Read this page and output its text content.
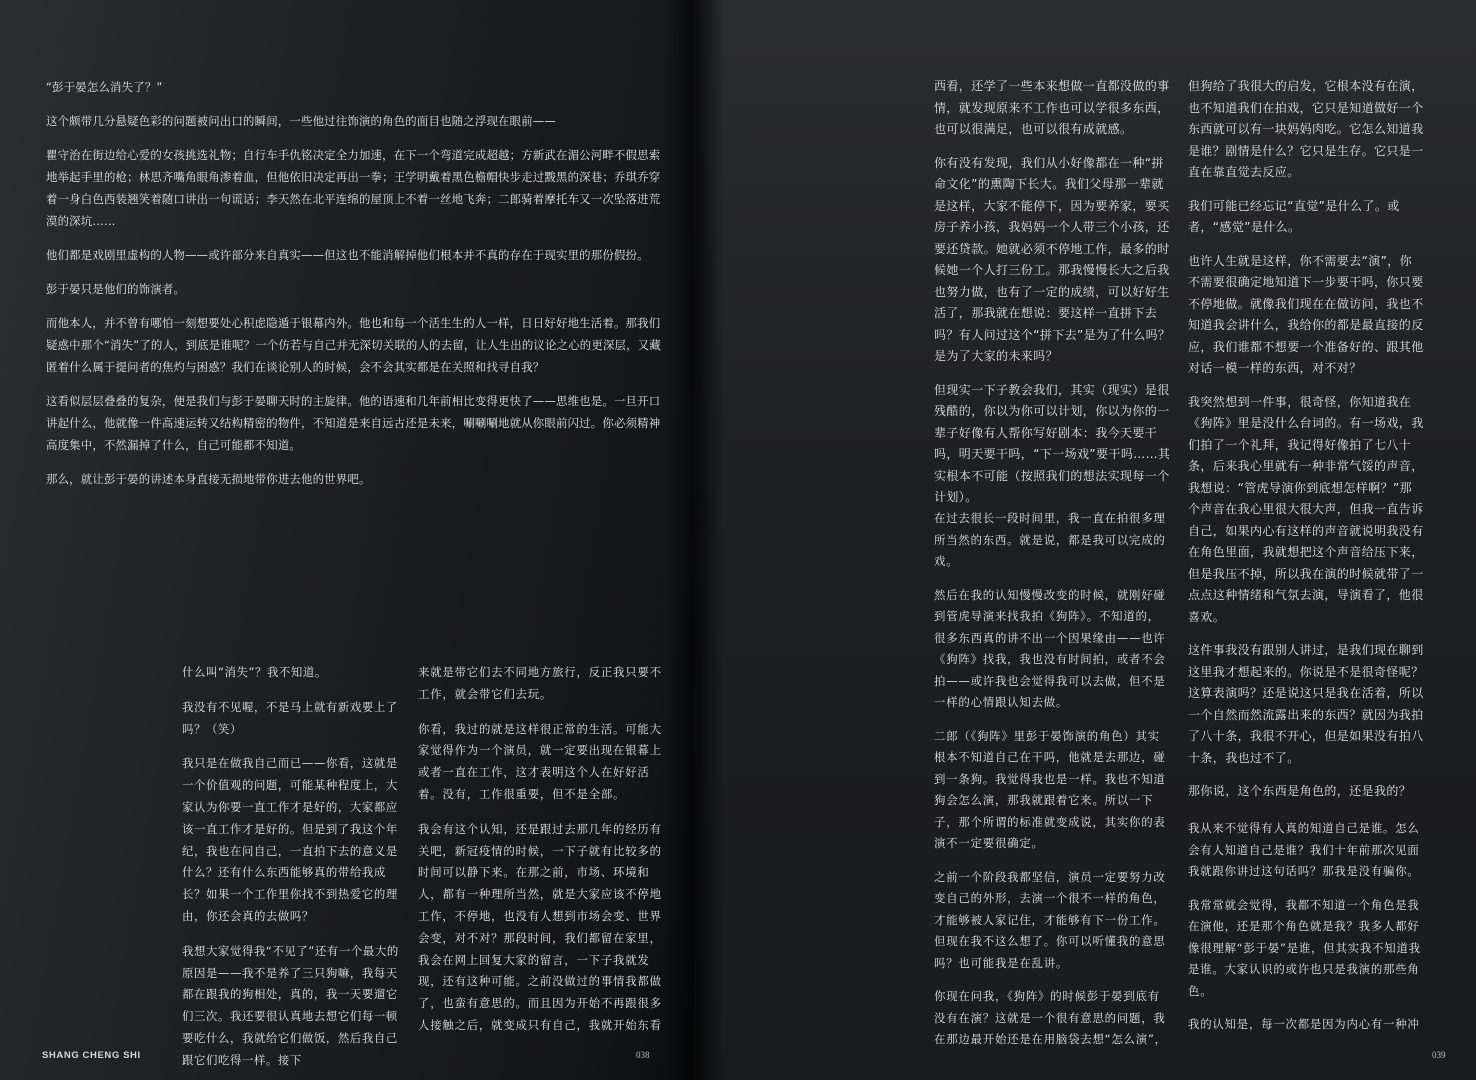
“彭于晏怎么消失了？”

这个颇带几分悬疑色彩的问题被问出口的瞬间，一些他过往饰演的角色的面目也随之浮现在眼前——

瞿守治在街边给心爱的女孩挑选礼物；自行车手仇铭决定全力加速，在下一个弯道完成超越；方新武在湄公河畔不假思索地举起手里的枪；林思齐嘴角眼角渗着血，但他依旧决定再出一拳；王学明戴着黑色檐帽快步走过黢黑的深巷；乔琪乔穿着一身白色西装翘笑着随口讲出一句谎话；李天然在北平连绵的屋顶上不着一丝地飞奔；二郎骑着摩托车又一次坠落进荒漠的深坑……

他们都是戏剧里虚构的人物——或许部分来自真实——但这也不能消解掉他们根本并不真的存在于现实里的那份假扮。

彭于晏只是他们的饰演者。

而他本人，并不曾有哪怕一刻想要处心积虑隐遁于银幕内外。他也和每一个活生生的人一样，日日好好地生活着。那我们疑惑中那个“消失”了的人，到底是谁呢？一个仿若与自己并无深切关联的人的去留，让人生出的议论之心的更深层，又藏匿着什么属于提问者的焦灼与困惑？我们在谈论别人的时候，会不会其实都是在关照和找寻自我？

这看似层层叠叠的复杂，便是我们与彭于晏聊天时的主旋律。他的语速和几年前相比变得更快了——思维也是。一旦开口讲起什么，他就像一件高速运转又结构精密的物件，不知道是来自远古还是未来，唰唰唰地就从你眼前闪过。你必须精神高度集中，不然漏掉了什么，自己可能都不知道。

那么，就让彭于晏的讲述本身直接无损地带你进去他的世界吧。

什么叫“消失”？我不知道。

我没有不见喔，不是马上就有新戏要上了吗？（笑）

我只是在做我自己而已——你看，这就是一个价值观的问题，可能某种程度上，大家认为你要一直工作才是好的，大家都应该一直工作才是好的。但是到了我这个年纪，我也在问自己，一直拍下去的意义是什么？还有什么东西能够真的带给我成长？如果一个工作里你找不到热爱它的理由，你还会真的去做吗？

我想大家觉得我“不见了”还有一个最大的原因是——我不是养了三只狗嘛，我每天都在跟我的狗相处，真的，我一天要遛它们三次。我还要很认真地去想它们每一顿要吃什么，我就给它们做饭，然后我自己跟它们吃得一样。接下

来就是带它们去不同地方旅行，反正我只要不工作，就会带它们去玩。

你看，我过的就是这样很正常的生活。可能大家觉得作为一个演员，就一定要出现在银幕上或者一直在工作，这才表明这个人在好好活着。没有，工作很重要，但不是全部。

我会有这个认知，还是跟过去那几年的经历有关吧，新冠疫情的时候，一下子就有比较多的时间可以静下来。在那之前，市场、环境和人，都有一种理所当然，就是大家应该不停地工作，不停地，也没有人想到市场会变、世界会变，对不对？那段时间，我们都留在家里，我会在网上回复大家的留言，一下子我就发现，还有这种可能。之前没做过的事情我都做了，也蛮有意思的。而且因为开始不再跟很多人接触之后，就变成只有自己，我就开始东看

SHANG CHENG SHI	038

西看，还学了一些本来想做一直都没做的事情，就发现原来不工作也可以学很多东西，也可以很满足，也可以很有成就感。

你有没有发现，我们从小好像都在一种“拼命文化”的熏陶下长大。我们父母那一辈就是这样，大家不能停下，因为要养家，要买房子养小孩，我妈妈一个人带三个小孩，还要还贷款。她就必须不停地工作，最多的时候她一个人打三份工。那我慢慢长大之后我也努力做，也有了一定的成绩，可以好好生活了，那我就在想说：要这样一直拼下去吗？有人问过这个“拼下去”是为了什么吗？是为了大家的未来吗？

但现实一下子教会我们，其实（现实）是很残酷的，你以为你可以计划，你以为你的一辈子好像有人帮你写好剧本：我今天要干吗，明天要干吗，“下一场戏”要干吗……其实根本不可能（按照我们的想法实现每一个计划）。

在过去很长一段时间里，我一直在拍很多理所当然的东西。就是说，都是我可以完成的戏。

然后在我的认知慢慢改变的时候，就刚好碰到管虎导演来找我拍《狗阵》。不知道的，很多东西真的讲不出一个因果缘由——也许《狗阵》找我，我也没有时间拍，或者不会拍——或许我也会觉得我可以去做，但不是一样的心情跟认知去做。

二郎（《狗阵》里彭于晏饰演的角色）其实根本不知道自己在干吗，他就是去那边，碰到一条狗。我觉得我也是一样。我也不知道狗会怎么演，那我就跟着它来。所以一下子，那个所谓的标准就变成说，其实你的表演不一定要很确定。

之前一个阶段我都坚信，演员一定要努力改变自己的外形，去演一个很不一样的角色，才能够被人家记住，才能够有下一份工作。但现在我不这么想了。你可以听懂我的意思吗？也可能我是在乱讲。

你现在问我，《狗阵》的时候彭于晏到底有没有在演？这就是一个很有意思的问题，我在那边最开始还是在用脑袋去想“怎么演”，

但狗给了我很大的启发，它根本没有在演，也不知道我们在拍戏，它只是知道做好一个东西就可以有一块妈妈肉吃。它怎么知道我是谁？剧情是什么？它只是生存。它只是一直在靠直觉去反应。

我们可能已经忘记“直觉”是什么了。或者，“感觉”是什么。

也许人生就是这样，你不需要去“演”，你不需要很确定地知道下一步要干吗，你只要不停地做。就像我们现在在做访问，我也不知道我会讲什么，我给你的都是最直接的反应，我们谁都不想要一个准备好的、跟其他对话一模一样的东西，对不对？

我突然想到一件事，很奇怪，你知道我在《狗阵》里是没什么台词的。有一场戏，我们拍了一个礼拜，我记得好像拍了七八十条，后来我心里就有一种非常气馁的声音，我想说：“管虎导演你到底想怎样啊？”那个声音在我心里很大很大声，但我一直告诉自己，如果内心有这样的声音就说明我没有在角色里面，我就想把这个声音给压下来，但是我压不掉，所以我在演的时候就带了一点点这种情绪和气氛去演，导演看了，他很喜欢。

这件事我没有跟别人讲过，是我们现在聊到这里我才想起来的。你说是不是很奇怪呢？这算表演吗？还是说这只是我在活着，所以一个自然而然流露出来的东西？就因为我拍了八十条，我很不开心，但是如果没有拍八十条，我也过不了。

那你说，这个东西是角色的，还是我的？

我从来不觉得有人真的知道自己是谁。怎么会有人知道自己是谁？我们十年前那次见面我就跟你讲过这句话吗？那我是没有骗你。

我常常就会觉得，我都不知道一个角色是我在演他，还是那个角色就是我？我多人都好像很理解“彭于晏”是谁，但其实我不知道我是谁。大家认识的或许也只是我演的那些角色。

我的认知是，每一次都是因为内心有一种冲

039
